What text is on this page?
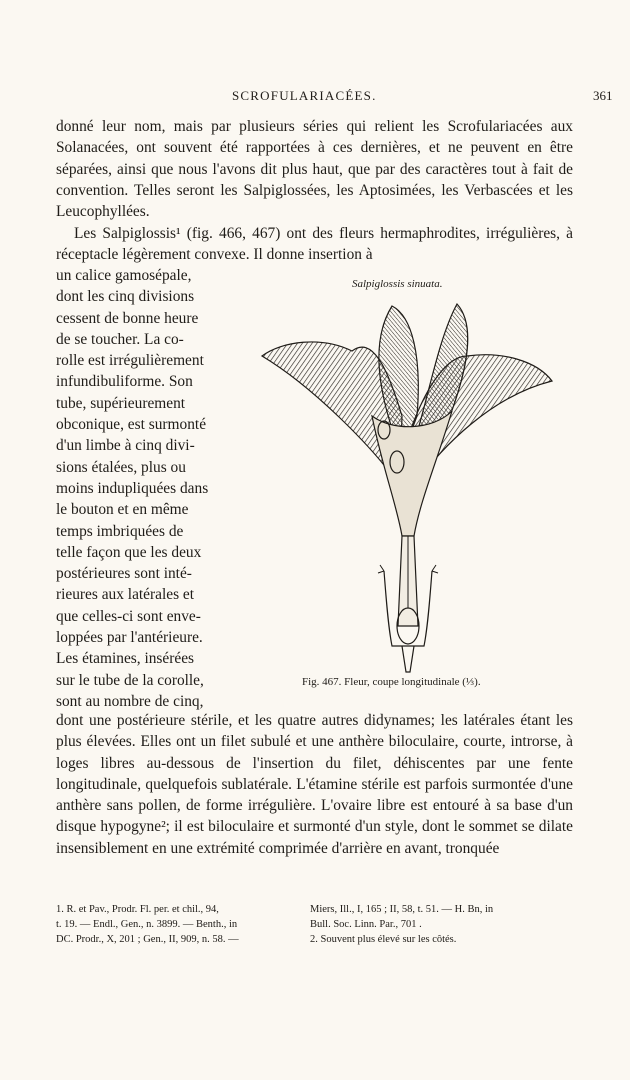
SCROFULARIACÉES.	361

donné leur nom, mais par plusieurs séries qui relient les Scrofulariacées aux Solanacées, ont souvent été rapportées à ces dernières, et ne peuvent en être séparées, ainsi que nous l'avons dit plus haut, que par des caractères tout à fait de convention. Telles seront les Salpiglossées, les Aptosimées, les Verbascées et les Leucophyllées.

Les Salpiglossis¹ (fig. 466, 467) ont des fleurs hermaphrodites, irrégulières, à réceptacle légèrement convexe. Il donne insertion à

un calice gamosépale,
dont les cinq divisions
cessent de bonne heure
de se toucher. La co-
rolle est irrégulièrement
infundibuliforme. Son
tube, supérieurement
obconique, est surmonté
d'un limbe à cinq divi-
sions étalées, plus ou
moins indupliquées dans
le bouton et en même
temps imbriquées de
telle façon que les deux
postérieures sont inté-
rieures aux latérales et
que celles-ci sont enve-
loppées par l'antérieure.
Les étamines, insérées
sur le tube de la corolle,
sont au nombre de cinq,
Salpiglossis sinuata.
Fig. 467. Fleur, coupe longitudinale (⅓).

dont une postérieure stérile, et les quatre autres didynames; les latérales étant les plus élevées. Elles ont un filet subulé et une anthère biloculaire, courte, introrse, à loges libres au-dessous de l'insertion du filet, déhiscentes par une fente longitudinale, quelquefois sublatérale. L'étamine stérile est parfois surmontée d'une anthère sans pollen, de forme irrégulière. L'ovaire libre est entouré à sa base d'un disque hypogyne²; il est biloculaire et surmonté d'un style, dont le sommet se dilate insensiblement en une extrémité comprimée d'arrière en avant, tronquée

1. R. et Pav., Prodr. Fl. per. et chil., 94,
t. 19. — Endl., Gen., n. 3899. — Benth., in
DC. Prodr., X, 201 ; Gen., II, 909, n. 58. —
Miers, Ill., I, 165 ; II, 58, t. 51. — H. Bn, in
Bull. Soc. Linn. Par., 701 .
2. Souvent plus élevé sur les côtés.
